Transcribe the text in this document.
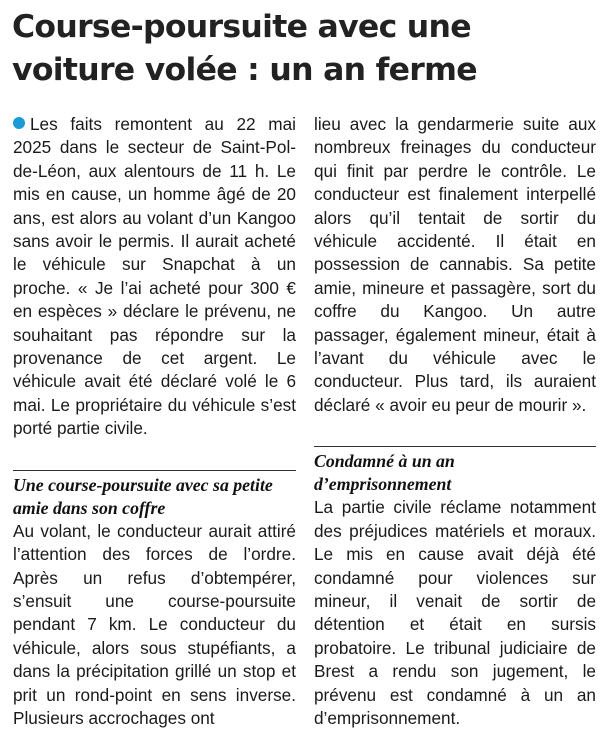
Course-poursuite avec une voiture volée : un an ferme

Les faits remontent au 22 mai 2025 dans le secteur de Saint-Pol-de-Léon, aux alentours de 11 h. Le mis en cause, un homme âgé de 20 ans, est alors au volant d’un Kangoo sans avoir le permis. Il aurait acheté le véhicule sur Snapchat à un proche. « Je l’ai acheté pour 300 € en espèces » déclare le prévenu, ne souhaitant pas répondre sur la provenance de cet argent. Le véhicule avait été déclaré volé le 6 mai. Le propriétaire du véhicule s’est porté partie civile.

Une course-poursuite avec sa petite amie dans son coffre

Au volant, le conducteur aurait attiré l’attention des forces de l’ordre. Après un refus d’obtempérer, s’ensuit une course-poursuite pendant 7 km. Le conducteur du véhicule, alors sous stupéfiants, a dans la précipitation grillé un stop et prit un rond-point en sens inverse. Plusieurs accrochages ont

lieu avec la gendarmerie suite aux nombreux freinages du conducteur qui finit par perdre le contrôle. Le conducteur est finalement interpellé alors qu’il tentait de sortir du véhicule accidenté. Il était en possession de cannabis. Sa petite amie, mineure et passagère, sort du coffre du Kangoo. Un autre passager, également mineur, était à l’avant du véhicule avec le conducteur. Plus tard, ils auraient déclaré « avoir eu peur de mourir ».

Condamné à un an d’emprisonnement

La partie civile réclame notamment des préjudices matériels et moraux. Le mis en cause avait déjà été condamné pour violences sur mineur, il venait de sortir de détention et était en sursis probatoire. Le tribunal judiciaire de Brest a rendu son jugement, le prévenu est condamné à un an d’emprisonnement.
